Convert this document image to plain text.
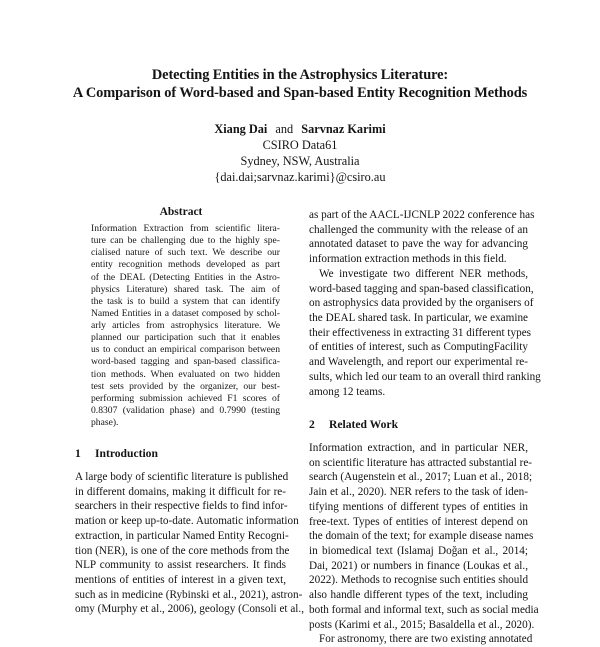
Detecting Entities in the Astrophysics Literature:
A Comparison of Word-based and Span-based Entity Recognition Methods
Xiang Dai and Sarvnaz Karimi
CSIRO Data61
Sydney, NSW, Australia
{dai.dai;sarvnaz.karimi}@csiro.au
Abstract
Information Extraction from scientific litera-
ture can be challenging due to the highly spe-
cialised nature of such text. We describe our
entity recognition methods developed as part
of the DEAL (Detecting Entities in the Astro-
physics Literature) shared task. The aim of
the task is to build a system that can identify
Named Entities in a dataset composed by schol-
arly articles from astrophysics literature. We
planned our participation such that it enables
us to conduct an empirical comparison between
word-based tagging and span-based classifica-
tion methods. When evaluated on two hidden
test sets provided by the organizer, our best-
performing submission achieved F1 scores of
0.8307 (validation phase) and 0.7990 (testing
phase).
1 Introduction
A large body of scientific literature is published
in different domains, making it difficult for re-
searchers in their respective fields to find infor-
mation or keep up-to-date. Automatic information
extraction, in particular Named Entity Recogni-
tion (NER), is one of the core methods from the
NLP community to assist researchers. It finds
mentions of entities of interest in a given text,
such as in medicine (Rybinski et al., 2021), astron-
omy (Murphy et al., 2006), geology (Consoli et al.,
as part of the AACL-IJCNLP 2022 conference has
challenged the community with the release of an
annotated dataset to pave the way for advancing
information extraction methods in this field.
We investigate two different NER methods,
word-based tagging and span-based classification,
on astrophysics data provided by the organisers of
the DEAL shared task. In particular, we examine
their effectiveness in extracting 31 different types
of entities of interest, such as ComputingFacility
and Wavelength, and report our experimental re-
sults, which led our team to an overall third ranking
among 12 teams.
2 Related Work
Information extraction, and in particular NER,
on scientific literature has attracted substantial re-
search (Augenstein et al., 2017; Luan et al., 2018;
Jain et al., 2020). NER refers to the task of iden-
tifying mentions of different types of entities in
free-text. Types of entities of interest depend on
the domain of the text; for example disease names
in biomedical text (Islamaj Doğan et al., 2014;
Dai, 2021) or numbers in finance (Loukas et al.,
2022). Methods to recognise such entities should
also handle different types of the text, including
both formal and informal text, such as social media
posts (Karimi et al., 2015; Basaldella et al., 2020).
For astronomy, there are two existing annotated
